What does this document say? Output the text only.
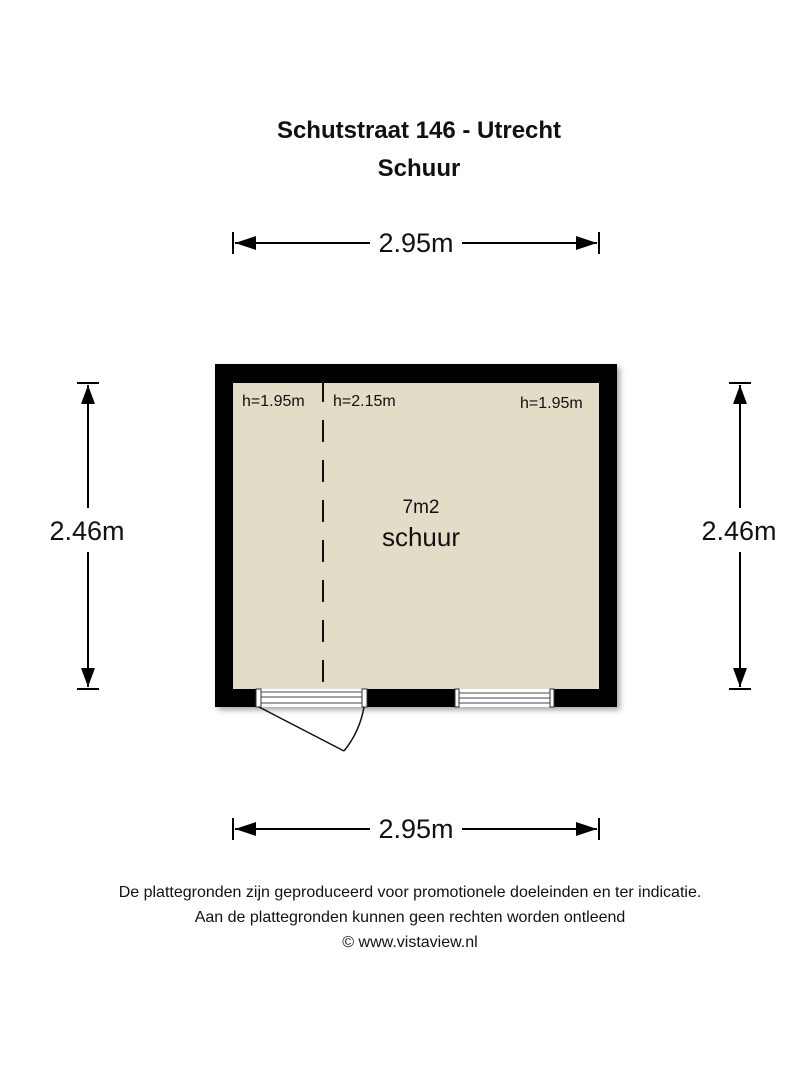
Schutstraat 146 - Utrecht
Schuur
2.95m
2.95m
2.46m	2.46m
h=1.95m h=2.15m	h=1.95m
7m2
schuur
De plattegronden zijn geproduceerd voor promotionele doeleinden en ter indicatie.
Aan de plattegronden kunnen geen rechten worden ontleend
© www.vistaview.nl
